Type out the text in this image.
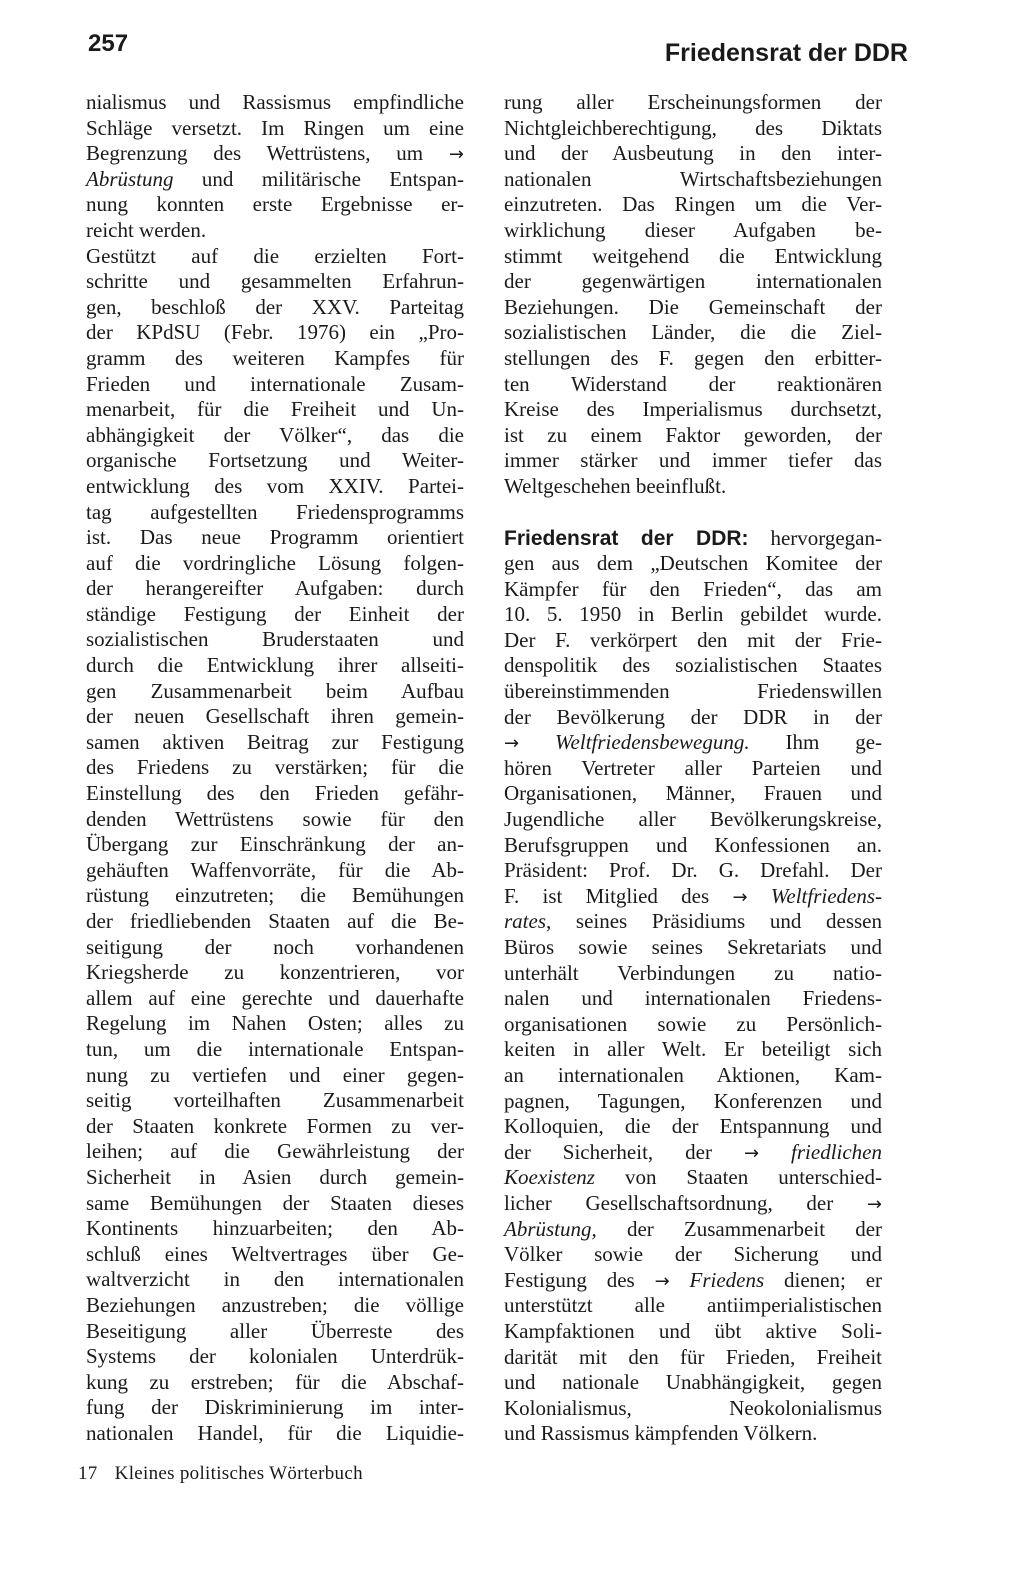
257	Friedensrat der DDR
nialismus und Rassismus empfindliche
Schläge versetzt. Im Ringen um eine
Begrenzung des Wettrüstens, um →
Abrüstung und militärische Entspan-
nung konnten erste Ergebnisse er-
reicht werden.
Gestützt auf die erzielten Fort-
schritte und gesammelten Erfahrun-
gen, beschloß der XXV. Parteitag
der KPdSU (Febr. 1976) ein „Pro-
gramm des weiteren Kampfes für
Frieden und internationale Zusam-
menarbeit, für die Freiheit und Un-
abhängigkeit der Völker“, das die
organische Fortsetzung und Weiter-
entwicklung des vom XXIV. Partei-
tag aufgestellten Friedensprogramms
ist. Das neue Programm orientiert
auf die vordringliche Lösung folgen-
der herangereifter Aufgaben: durch
ständige Festigung der Einheit der
sozialistischen Bruderstaaten und
durch die Entwicklung ihrer allseiti-
gen Zusammenarbeit beim Aufbau
der neuen Gesellschaft ihren gemein-
samen aktiven Beitrag zur Festigung
des Friedens zu verstärken; für die
Einstellung des den Frieden gefähr-
denden Wettrüstens sowie für den
Übergang zur Einschränkung der an-
gehäuften Waffenvorräte, für die Ab-
rüstung einzutreten; die Bemühungen
der friedliebenden Staaten auf die Be-
seitigung der noch vorhandenen
Kriegsherde zu konzentrieren, vor
allem auf eine gerechte und dauerhafte
Regelung im Nahen Osten; alles zu
tun, um die internationale Entspan-
nung zu vertiefen und einer gegen-
seitig vorteilhaften Zusammenarbeit
der Staaten konkrete Formen zu ver-
leihen; auf die Gewährleistung der
Sicherheit in Asien durch gemein-
same Bemühungen der Staaten dieses
Kontinents hinzuarbeiten; den Ab-
schluß eines Weltvertrages über Ge-
waltverzicht in den internationalen
Beziehungen anzustreben; die völlige
Beseitigung aller Überreste des
Systems der kolonialen Unterdrük-
kung zu erstreben; für die Abschaf-
fung der Diskriminierung im inter-
nationalen Handel, für die Liquidie-
rung aller Erscheinungsformen der
Nichtgleichberechtigung, des Diktats
und der Ausbeutung in den inter-
nationalen Wirtschaftsbeziehungen
einzutreten. Das Ringen um die Ver-
wirklichung dieser Aufgaben be-
stimmt weitgehend die Entwicklung
der gegenwärtigen internationalen
Beziehungen. Die Gemeinschaft der
sozialistischen Länder, die die Ziel-
stellungen des F. gegen den erbitter-
ten Widerstand der reaktionären
Kreise des Imperialismus durchsetzt,
ist zu einem Faktor geworden, der
immer stärker und immer tiefer das
Weltgeschehen beeinflußt.
Friedensrat der DDR: hervorgegan-
gen aus dem „Deutschen Komitee der
Kämpfer für den Frieden“, das am
10. 5. 1950 in Berlin gebildet wurde.
Der F. verkörpert den mit der Frie-
denspolitik des sozialistischen Staates
übereinstimmenden Friedenswillen
der Bevölkerung der DDR in der
→ Weltfriedensbewegung. Ihm ge-
hören Vertreter aller Parteien und
Organisationen, Männer, Frauen und
Jugendliche aller Bevölkerungskreise,
Berufsgruppen und Konfessionen an.
Präsident: Prof. Dr. G. Drefahl. Der
F. ist Mitglied des → Weltfriedens-
rates, seines Präsidiums und dessen
Büros sowie seines Sekretariats und
unterhält Verbindungen zu natio-
nalen und internationalen Friedens-
organisationen sowie zu Persönlich-
keiten in aller Welt. Er beteiligt sich
an internationalen Aktionen, Kam-
pagnen, Tagungen, Konferenzen und
Kolloquien, die der Entspannung und
der Sicherheit, der → friedlichen
Koexistenz von Staaten unterschied-
licher Gesellschaftsordnung, der →
Abrüstung, der Zusammenarbeit der
Völker sowie der Sicherung und
Festigung des → Friedens dienen; er
unterstützt alle antiimperialistischen
Kampfaktionen und übt aktive Soli-
darität mit den für Frieden, Freiheit
und nationale Unabhängigkeit, gegen
Kolonialismus, Neokolonialismus
und Rassismus kämpfenden Völkern.
17 Kleines politisches Wörterbuch
